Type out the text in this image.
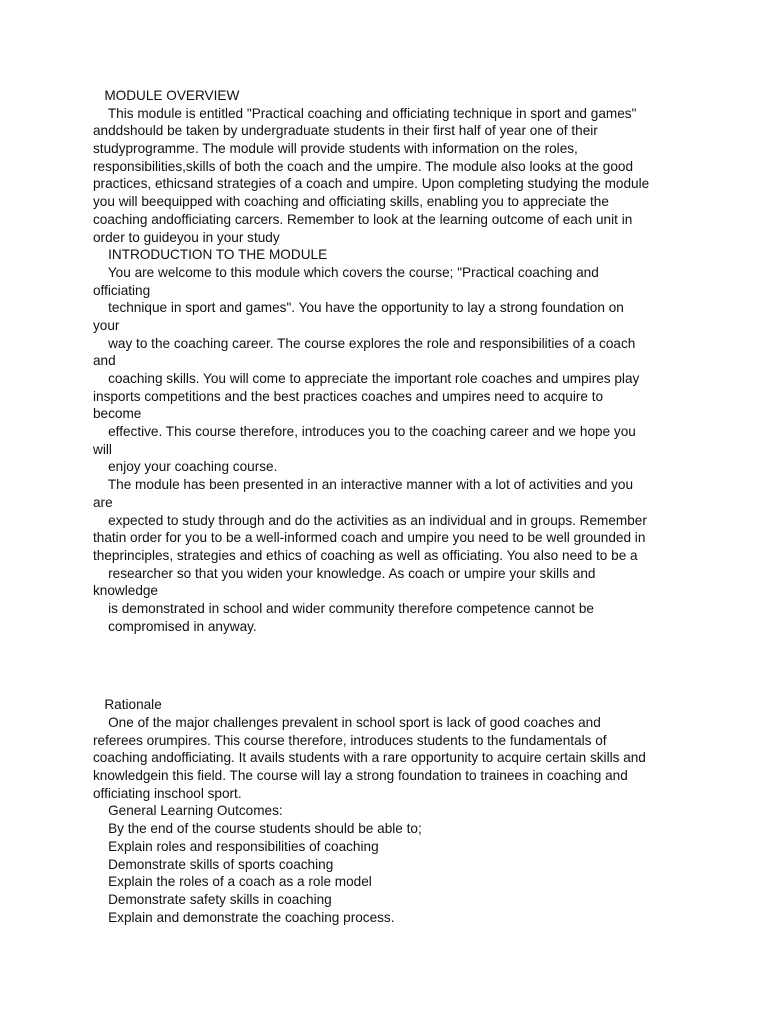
MODULE OVERVIEW
This module is entitled "Practical coaching and officiating technique in sport and games"
anddshould be taken by undergraduate students in their first half of year one of their
studyprogramme. The module will provide students with information on the roles,
responsibilities,skills of both the coach and the umpire. The module also looks at the good
practices, ethicsand strategies of a coach and umpire. Upon completing studying the module
you will beequipped with coaching and officiating skills, enabling you to appreciate the
coaching andofficiating carcers. Remember to look at the learning outcome of each unit in
order to guideyou in your study
INTRODUCTION TO THE MODULE
You are welcome to this module which covers the course; "Practical coaching and
officiating
technique in sport and games". You have the opportunity to lay a strong foundation on
your
way to the coaching career. The course explores the role and responsibilities of a coach
and
coaching skills. You will come to appreciate the important role coaches and umpires play
insports competitions and the best practices coaches and umpires need to acquire to
become
effective. This course therefore, introduces you to the coaching career and we hope you
will
enjoy your coaching course.
The module has been presented in an interactive manner with a lot of activities and you
are
expected to study through and do the activities as an individual and in groups. Remember
thatin order for you to be a well-informed coach and umpire you need to be well grounded in
theprinciples, strategies and ethics of coaching as well as officiating. You also need to be a
researcher so that you widen your knowledge. As coach or umpire your skills and
knowledge
is demonstrated in school and wider community therefore competence cannot be
compromised in anyway.
Rationale
One of the major challenges prevalent in school sport is lack of good coaches and
referees orumpires. This course therefore, introduces students to the fundamentals of
coaching andofficiating. It avails students with a rare opportunity to acquire certain skills and
knowledgein this field. The course will lay a strong foundation to trainees in coaching and
officiating inschool sport.
General Learning Outcomes:
By the end of the course students should be able to;
Explain roles and responsibilities of coaching
Demonstrate skills of sports coaching
Explain the roles of a coach as a role model
Demonstrate safety skills in coaching
Explain and demonstrate the coaching process.
